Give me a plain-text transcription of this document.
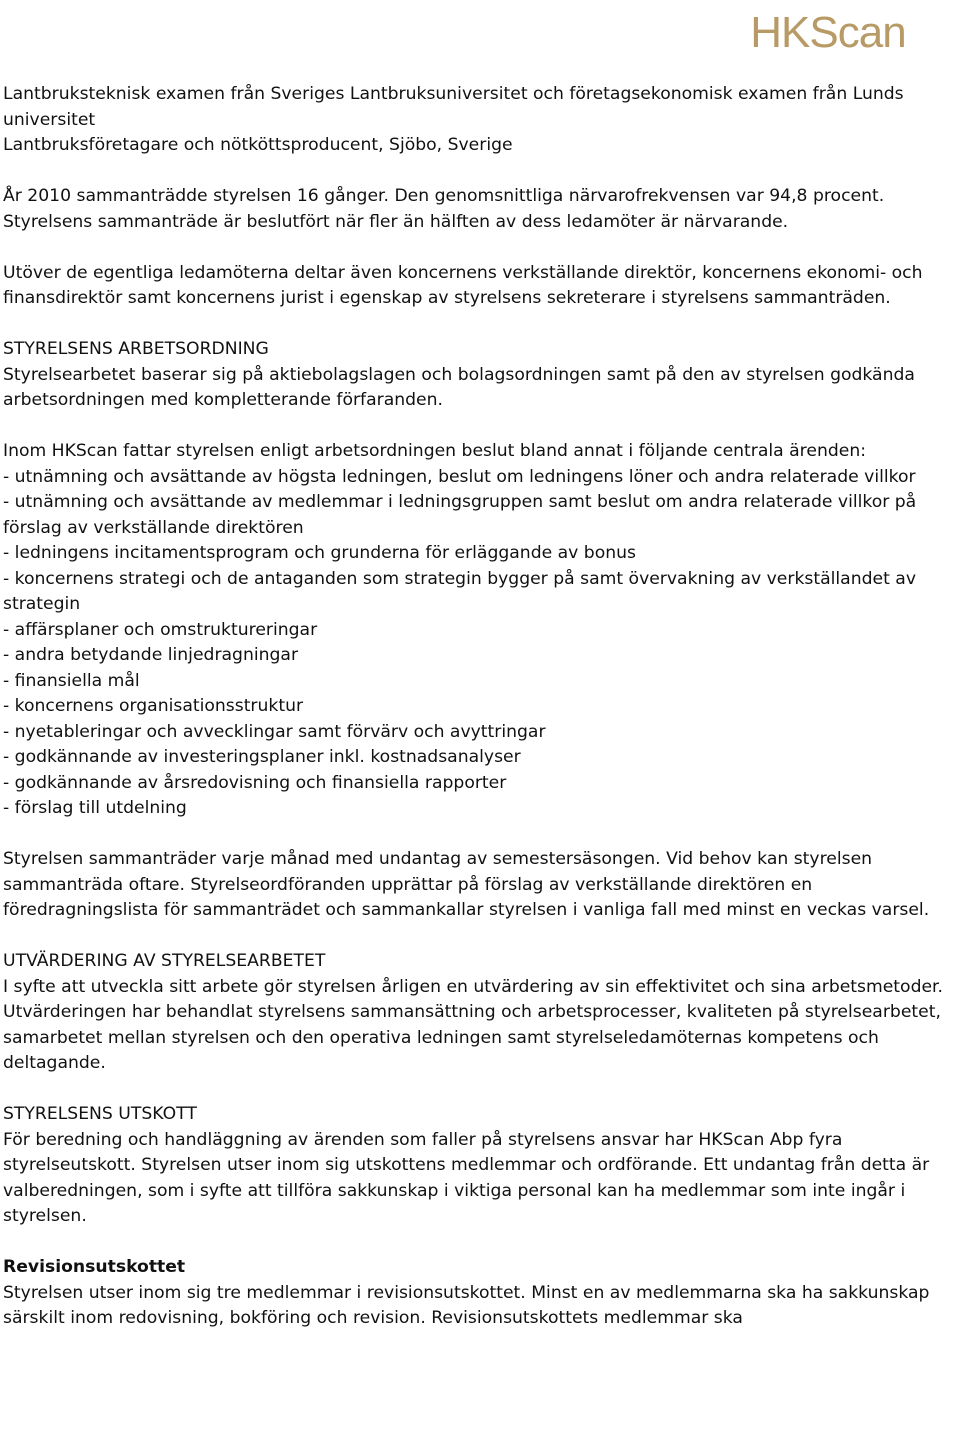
HKScan

Lantbruksteknisk examen från Sveriges Lantbruksuniversitet och företagsekonomisk examen från Lunds universitet

Lantbruksföretagare och nötköttsproducent, Sjöbo, Sverige

År 2010 sammanträdde styrelsen 16 gånger. Den genomsnittliga närvarofrekvensen var 94,8 procent. Styrelsens sammanträde är beslutfört när fler än hälften av dess ledamöter är närvarande.

Utöver de egentliga ledamöterna deltar även koncernens verkställande direktör, koncernens ekonomi- och finansdirektör samt koncernens jurist i egenskap av styrelsens sekreterare i styrelsens sammanträden.

STYRELSENS ARBETSORDNING

Styrelsearbetet baserar sig på aktiebolagslagen och bolagsordningen samt på den av styrelsen godkända arbetsordningen med kompletterande förfaranden.

Inom HKScan fattar styrelsen enligt arbetsordningen beslut bland annat i följande centrala ärenden:

- utnämning och avsättande av högsta ledningen, beslut om ledningens löner och andra relaterade villkor

- utnämning och avsättande av medlemmar i ledningsgruppen samt beslut om andra relaterade villkor på förslag av verkställande direktören

- ledningens incitamentsprogram och grunderna för erläggande av bonus

- koncernens strategi och de antaganden som strategin bygger på samt övervakning av verkställandet av strategin

- affärsplaner och omstruktureringar

- andra betydande linjedragningar

- finansiella mål

- koncernens organisationsstruktur

- nyetableringar och avvecklingar samt förvärv och avyttringar

- godkännande av investeringsplaner inkl. kostnadsanalyser

- godkännande av årsredovisning och finansiella rapporter

- förslag till utdelning

Styrelsen sammanträder varje månad med undantag av semestersäsongen. Vid behov kan styrelsen sammanträda oftare. Styrelseordföranden upprättar på förslag av verkställande direktören en föredragningslista för sammanträdet och sammankallar styrelsen i vanliga fall med minst en veckas varsel.

UTVÄRDERING AV STYRELSEARBETET

I syfte att utveckla sitt arbete gör styrelsen årligen en utvärdering av sin effektivitet och sina arbetsmetoder. Utvärderingen har behandlat styrelsens sammansättning och arbetsprocesser, kvaliteten på styrelsearbetet, samarbetet mellan styrelsen och den operativa ledningen samt styrelseledamöternas kompetens och deltagande.

STYRELSENS UTSKOTT

För beredning och handläggning av ärenden som faller på styrelsens ansvar har HKScan Abp fyra styrelseutskott. Styrelsen utser inom sig utskottens medlemmar och ordförande. Ett undantag från detta är valberedningen, som i syfte att tillföra sakkunskap i viktiga personal kan ha medlemmar som inte ingår i styrelsen.

Revisionsutskottet

Styrelsen utser inom sig tre medlemmar i revisionsutskottet. Minst en av medlemmarna ska ha sakkunskap särskilt inom redovisning, bokföring och revision. Revisionsutskottets medlemmar ska
